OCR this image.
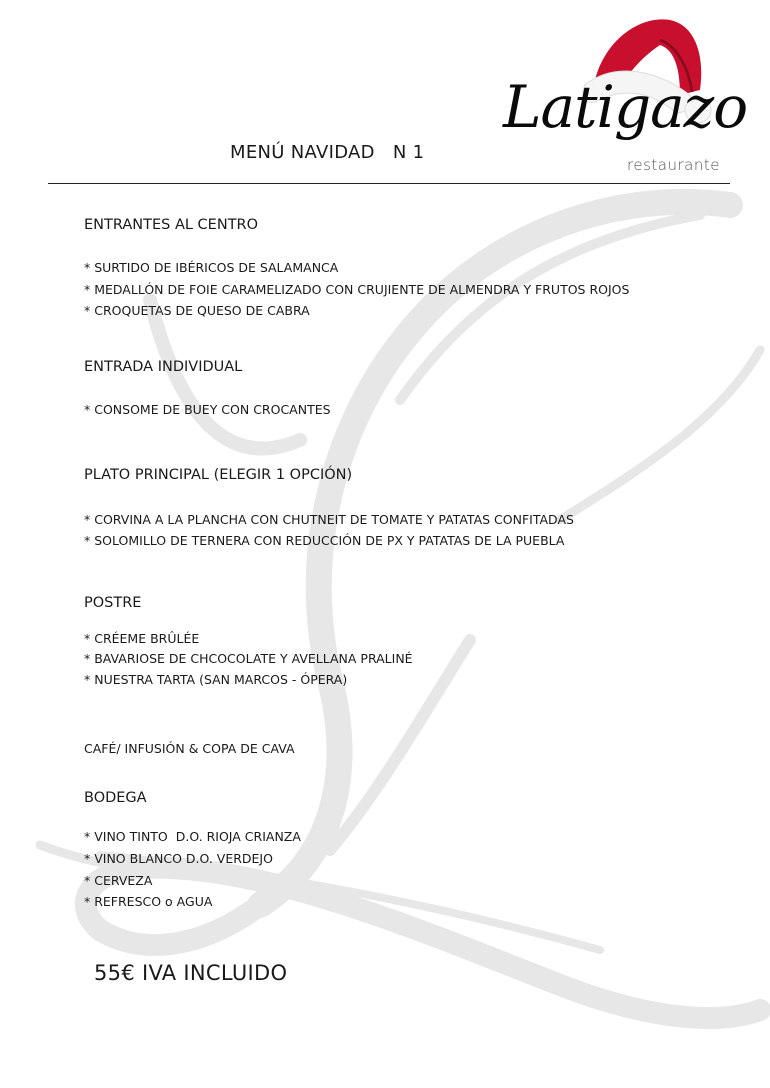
Latigazo
restaurante
MENÚ NAVIDAD   N 1
ENTRANTES AL CENTRO
* SURTIDO DE IBÉRICOS DE SALAMANCA
* MEDALLÓN DE FOIE CARAMELIZADO CON CRUJIENTE DE ALMENDRA Y FRUTOS ROJOS
* CROQUETAS DE QUESO DE CABRA
ENTRADA INDIVIDUAL
* CONSOME DE BUEY CON CROCANTES
PLATO PRINCIPAL (ELEGIR 1 OPCIÓN)
* CORVINA A LA PLANCHA CON CHUTNEIT DE TOMATE Y PATATAS CONFITADAS
* SOLOMILLO DE TERNERA CON REDUCCIÓN DE PX Y PATATAS DE LA PUEBLA
POSTRE
* CRÉEME BRÛLÉE
* BAVARIOSE DE CHCOCOLATE Y AVELLANA PRALINÉ
* NUESTRA TARTA (SAN MARCOS - ÓPERA)
CAFÉ/ INFUSIÓN & COPA DE CAVA
BODEGA
* VINO TINTO  D.O. RIOJA CRIANZA
* VINO BLANCO D.O. VERDEJO
* CERVEZA
* REFRESCO o AGUA
55€ IVA INCLUIDO
